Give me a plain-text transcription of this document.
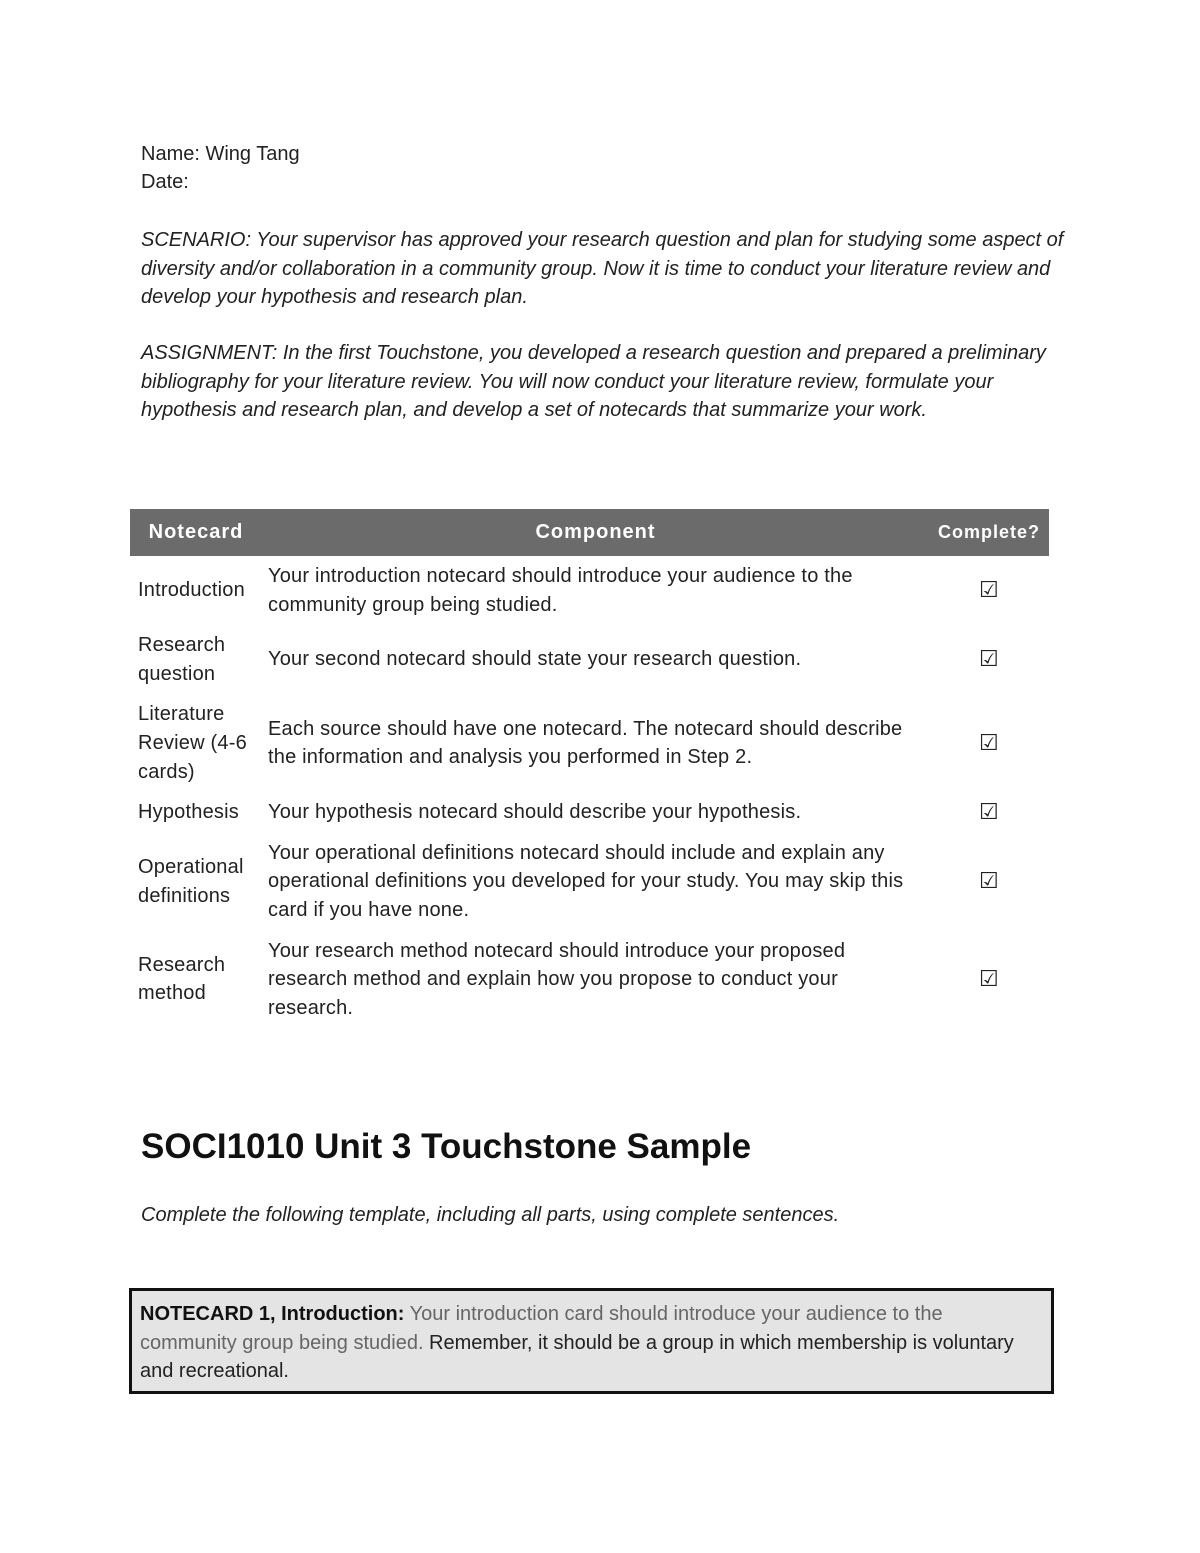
Name: Wing Tang
Date:
SCENARIO: Your supervisor has approved your research question and plan for studying some aspect of diversity and/or collaboration in a community group. Now it is time to conduct your literature review and develop your hypothesis and research plan.
ASSIGNMENT: In the first Touchstone, you developed a research question and prepared a preliminary bibliography for your literature review. You will now conduct your literature review, formulate your hypothesis and research plan, and develop a set of notecards that summarize your work.
Notecard	Component	Complete?
Introduction	Your introduction notecard should introduce your audience to the community group being studied.	☑
Research question	Your second notecard should state your research question.	☑
Literature Review (4-6 cards)	Each source should have one notecard. The notecard should describe the information and analysis you performed in Step 2.	☑
Hypothesis	Your hypothesis notecard should describe your hypothesis.	☑
Operational definitions	Your operational definitions notecard should include and explain any operational definitions you developed for your study. You may skip this card if you have none.	☑
Research method	Your research method notecard should introduce your proposed research method and explain how you propose to conduct your research.	☑
SOCI1010 Unit 3 Touchstone Sample
Complete the following template, including all parts, using complete sentences.
NOTECARD 1, Introduction: Your introduction card should introduce your audience to the community group being studied. Remember, it should be a group in which membership is voluntary and recreational.
